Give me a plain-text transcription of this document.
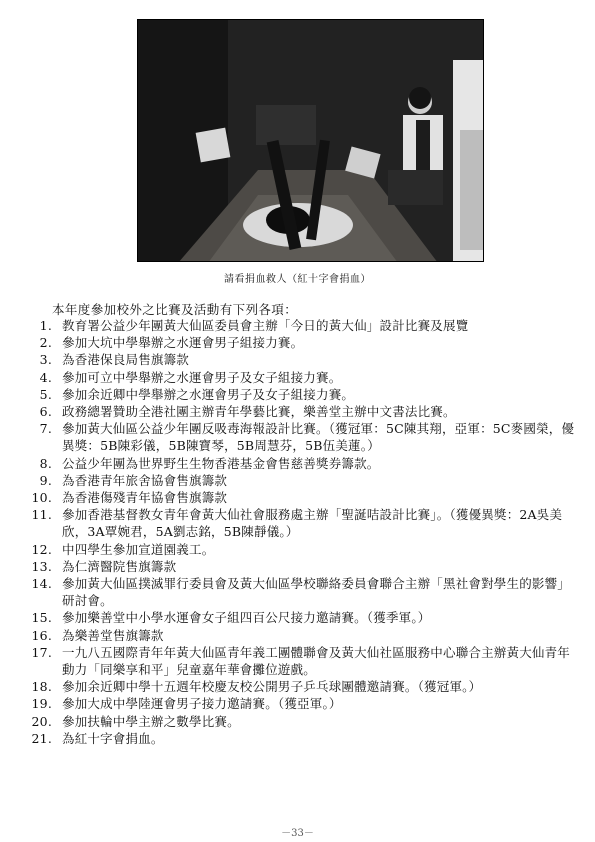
請看捐血救人（紅十字會捐血）
本年度參加校外之比賽及活動有下列各項：
1. 教育署公益少年團黃大仙區委員會主辦「今日的黃大仙」設計比賽及展覽
2. 參加大坑中學舉辦之水運會男子組接力賽。
3. 為香港保良局售旗籌款
4. 參加可立中學舉辦之水運會男子及女子組接力賽。
5. 參加余近卿中學舉辦之水運會男子及女子組接力賽。
6. 政務總署贊助全港社團主辦青年學藝比賽，樂善堂主辦中文書法比賽。
7. 參加黃大仙區公益少年團反吸毒海報設計比賽。（獲冠軍：5C陳其翔，亞軍：5C麥國榮，優異獎：5B陳彩儀，5B陳寶琴，5B周慧芬，5B伍美蓮。）
8. 公益少年團為世界野生生物香港基金會售慈善獎券籌款。
9. 為香港青年旅舍協會售旗籌款
10. 為香港傷殘青年協會售旗籌款
11. 參加香港基督教女青年會黃大仙社會服務處主辦「聖誕咭設計比賽」。（獲優異獎：2A吳美欣，3A覃婉君，5A劉志銘，5B陳靜儀。）
12. 中四學生參加宣道園義工。
13. 為仁濟醫院售旗籌款
14. 參加黃大仙區撲滅罪行委員會及黃大仙區學校聯絡委員會聯合主辦「黑社會對學生的影響」研討會。
15. 參加樂善堂中小學水運會女子組四百公尺接力邀請賽。（獲季軍。）
16. 為樂善堂售旗籌款
17. 一九八五國際青年年黃大仙區青年義工團體聯會及黃大仙社區服務中心聯合主辦黃大仙青年動力「同樂享和平」兒童嘉年華會攤位遊戲。
18. 參加余近卿中學十五週年校慶友校公開男子乒乓球團體邀請賽。（獲冠軍。）
19. 參加大成中學陸運會男子接力邀請賽。（獲亞軍。）
20. 參加扶輪中學主辦之數學比賽。
21. 為紅十字會捐血。
－33－
